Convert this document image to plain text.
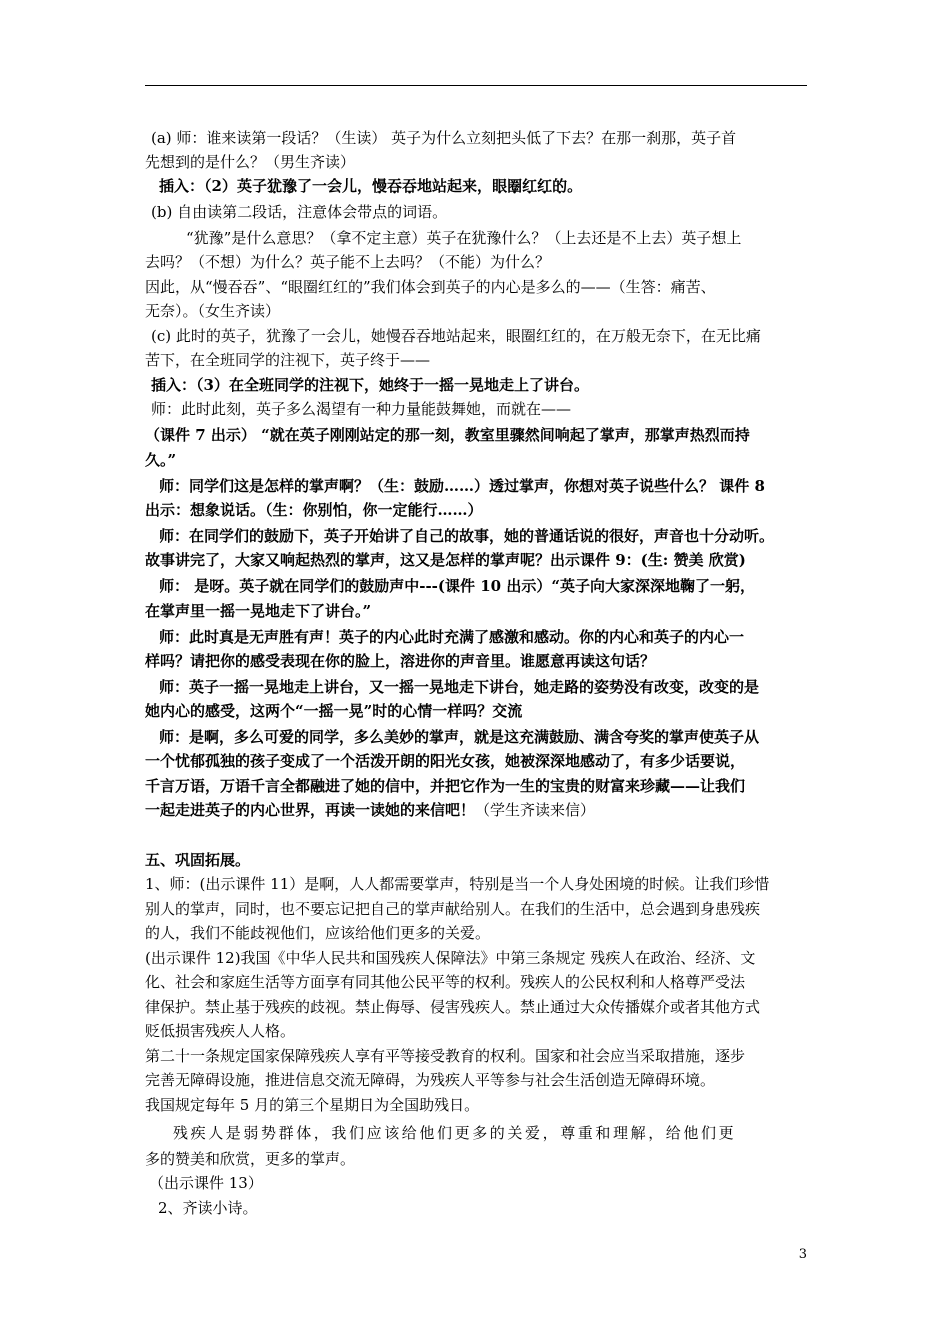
(a) 师：谁来读第一段话？（生读） 英子为什么立刻把头低了下去？在那一刹那，英子首
先想到的是什么？（男生齐读）
插入：（2）英子犹豫了一会儿，慢吞吞地站起来，眼圈红红的。
(b) 自由读第二段话，注意体会带点的词语。
“犹豫”是什么意思？（拿不定主意）英子在犹豫什么？（上去还是不上去）英子想上
去吗？（不想）为什么？英子能不上去吗？（不能）为什么？
因此，从“慢吞吞”、“眼圈红红的”我们体会到英子的内心是多么的——（生答：痛苦、
无奈）。（女生齐读）
(c) 此时的英子，犹豫了一会儿，她慢吞吞地站起来，眼圈红红的，在万般无奈下，在无比痛
苦下，在全班同学的注视下，英子终于——
插入：（3）在全班同学的注视下，她终于一摇一晃地走上了讲台。
师：此时此刻，英子多么渴望有一种力量能鼓舞她，而就在——
（课件 7 出示） “就在英子刚刚站定的那一刻，教室里骤然间响起了掌声，那掌声热烈而持
久。”
师：同学们这是怎样的掌声啊？（生：鼓励……）透过掌声，你想对英子说些什么？ 课件 8
出示：想象说话。（生：你别怕，你一定能行……）
师：在同学们的鼓励下，英子开始讲了自己的故事，她的普通话说的很好，声音也十分动听。
故事讲完了，大家又响起热烈的掌声，这又是怎样的掌声呢？出示课件 9：(生: 赞美 欣赏)
师： 是呀。英子就在同学们的鼓励声中---(课件 10 出示）“英子向大家深深地鞠了一躬，
在掌声里一摇一晃地走下了讲台。”
师：此时真是无声胜有声！英子的内心此时充满了感激和感动。你的内心和英子的内心一
样吗？请把你的感受表现在你的脸上，溶进你的声音里。谁愿意再读这句话？
师：英子一摇一晃地走上讲台，又一摇一晃地走下讲台，她走路的姿势没有改变，改变的是
她内心的感受，这两个“一摇一晃”时的心情一样吗？交流
师：是啊，多么可爱的同学，多么美妙的掌声，就是这充满鼓励、满含夸奖的掌声使英子从
一个忧郁孤独的孩子变成了一个活泼开朗的阳光女孩，她被深深地感动了，有多少话要说，
千言万语，万语千言全都融进了她的信中，并把它作为一生的宝贵的财富来珍藏——让我们
一起走进英子的内心世界，再读一读她的来信吧！（学生齐读来信）
五、巩固拓展。
1、师：(出示课件 11）是啊，人人都需要掌声，特别是当一个人身处困境的时候。让我们珍惜
别人的掌声，同时，也不要忘记把自己的掌声献给别人。在我们的生活中，总会遇到身患残疾
的人，我们不能歧视他们，应该给他们更多的关爱。
(出示课件 12)我国《中华人民共和国残疾人保障法》中第三条规定 残疾人在政治、经济、文
化、社会和家庭生活等方面享有同其他公民平等的权利。残疾人的公民权利和人格尊严受法
律保护。禁止基于残疾的歧视。禁止侮辱、侵害残疾人。禁止通过大众传播媒介或者其他方式
贬低损害残疾人人格。
第二十一条规定国家保障残疾人享有平等接受教育的权利。国家和社会应当采取措施，逐步
完善无障碍设施，推进信息交流无障碍，为残疾人平等参与社会生活创造无障碍环境。
我国规定每年 5 月的第三个星期日为全国助残日。
残疾人是弱势群体，我们应该给他们更多的关爱，尊重和理解，给他们更
多的赞美和欣赏，更多的掌声。
（出示课件 13）
2、齐读小诗。
3
